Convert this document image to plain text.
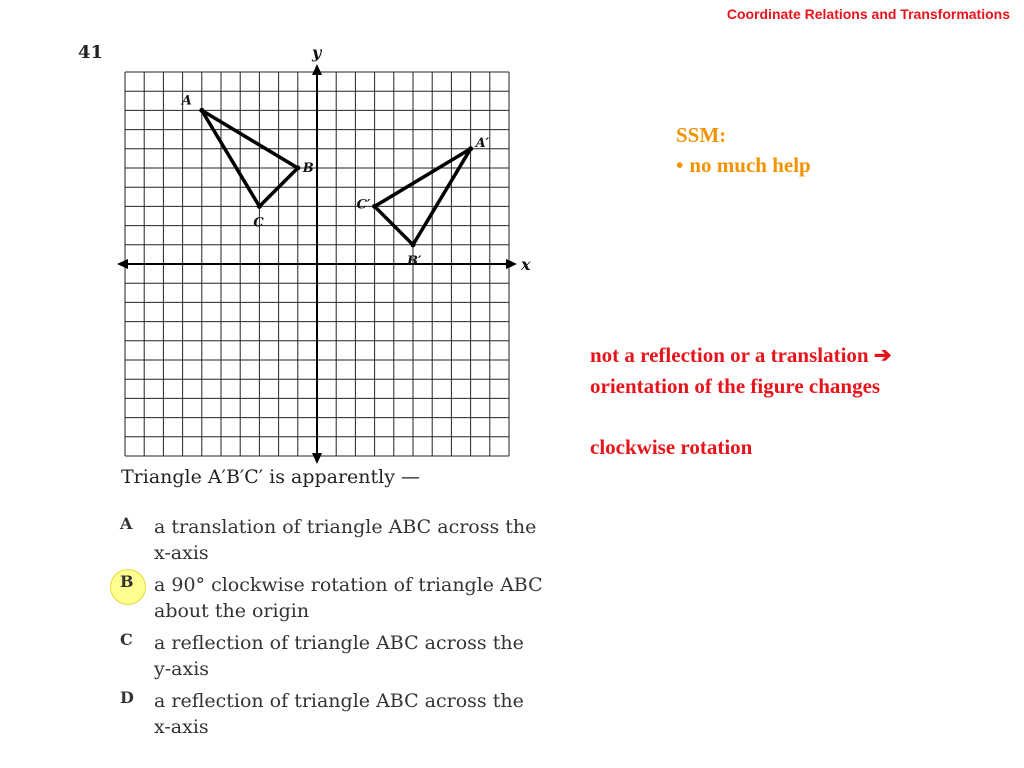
Coordinate Relations and Transformations
41
x
y
A
B
C
A′
B′
C′
Triangle A′B′C′ is apparently —
A a translation of triangle ABC across the
x-axis
B a 90° clockwise rotation of triangle ABC
about the origin
C a reflection of triangle ABC across the
y-axis
D a reflection of triangle ABC across the
x-axis
SSM:
• no much help
not a reflection or a translation ➔
orientation of the figure changes
clockwise rotation
